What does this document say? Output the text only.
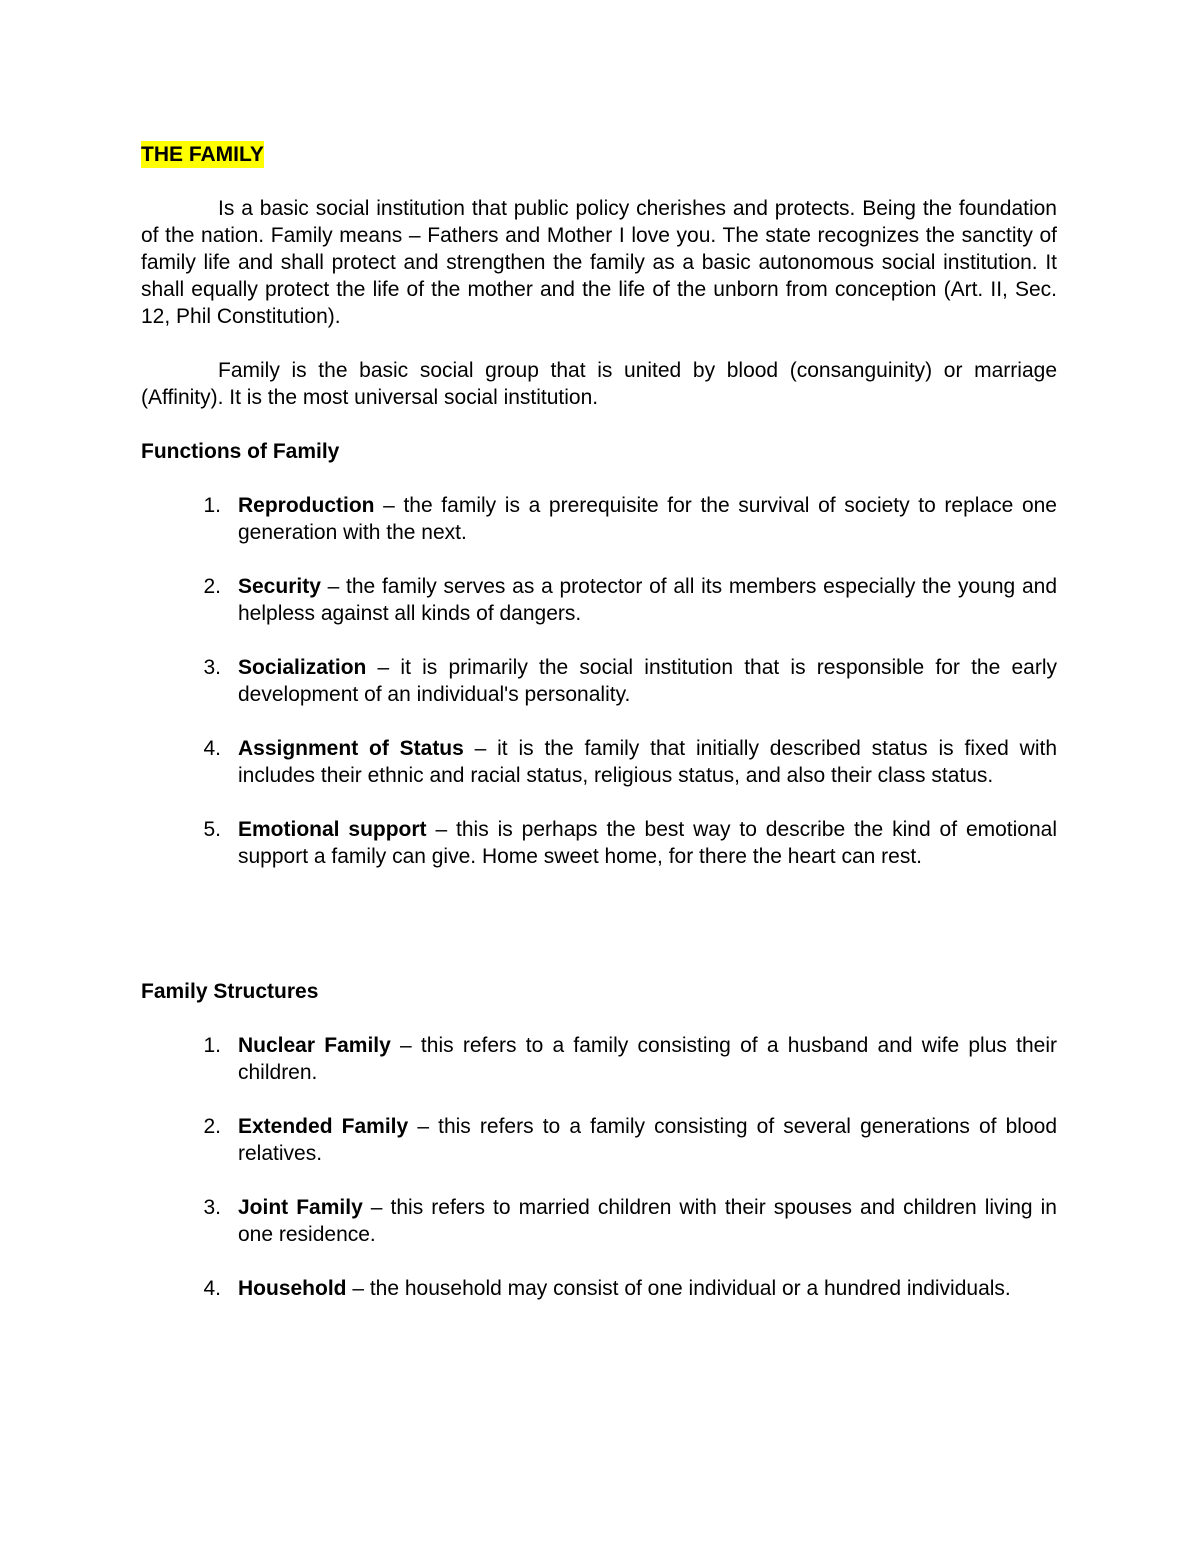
THE FAMILY

Is a basic social institution that public policy cherishes and protects. Being the foundation of the nation. Family means – Fathers and Mother I love you. The state recognizes the sanctity of family life and shall protect and strengthen the family as a basic autonomous social institution. It shall equally protect the life of the mother and the life of the unborn from conception (Art. II, Sec. 12, Phil Constitution).

Family is the basic social group that is united by blood (consanguinity) or marriage (Affinity). It is the most universal social institution.

Functions of Family

1. Reproduction – the family is a prerequisite for the survival of society to replace one generation with the next.
2. Security – the family serves as a protector of all its members especially the young and helpless against all kinds of dangers.
3. Socialization – it is primarily the social institution that is responsible for the early development of an individual's personality.
4. Assignment of Status – it is the family that initially described status is fixed with includes their ethnic and racial status, religious status, and also their class status.
5. Emotional support – this is perhaps the best way to describe the kind of emotional support a family can give. Home sweet home, for there the heart can rest.

Family Structures

1. Nuclear Family – this refers to a family consisting of a husband and wife plus their children.
2. Extended Family – this refers to a family consisting of several generations of blood relatives.
3. Joint Family – this refers to married children with their spouses and children living in one residence.
4. Household – the household may consist of one individual or a hundred individuals.
